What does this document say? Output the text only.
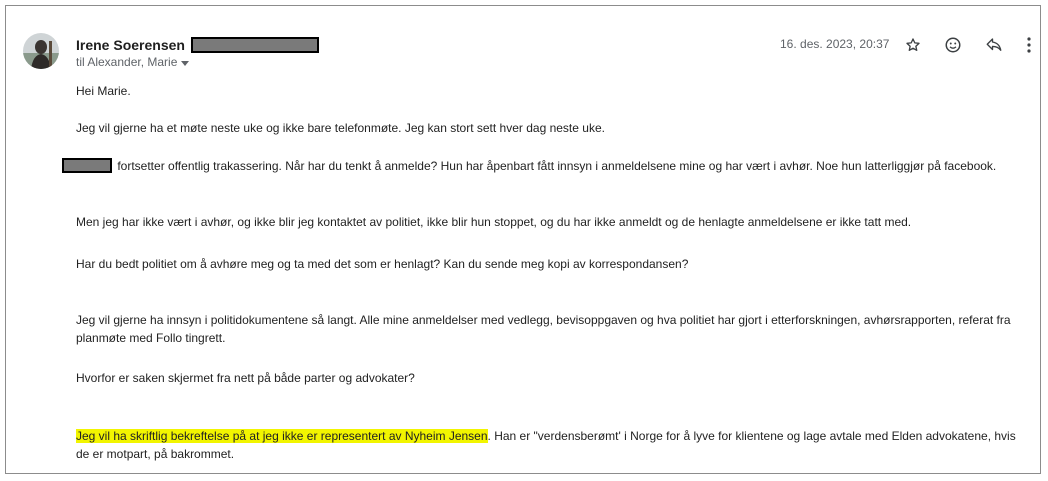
Irene Soerensen
til Alexander, Marie
16. des. 2023, 20:37
Hei Marie.
Jeg vil gjerne ha et møte neste uke og ikke bare telefonmøte. Jeg kan stort sett hver dag neste uke.
fortsetter offentlig trakassering. Når har du tenkt å anmelde? Hun har åpenbart fått innsyn i anmeldelsene mine og har vært i avhør. Noe hun latterliggjør på facebook.
Men jeg har ikke vært i avhør, og ikke blir jeg kontaktet av politiet, ikke blir hun stoppet, og du har ikke anmeldt og de henlagte anmeldelsene er ikke tatt med.
Har du bedt politiet om å avhøre meg og ta med det som er henlagt? Kan du sende meg kopi av korrespondansen?
Jeg vil gjerne ha innsyn i politidokumentene så langt. Alle mine anmeldelser med vedlegg, bevisoppgaven og hva politiet har gjort i etterforskningen, avhørsrapporten, referat fra planmøte med Follo tingrett.
Hvorfor er saken skjermet fra nett på både parter og advokater?
Jeg vil ha skriftlig bekreftelse på at jeg ikke er representert av Nyheim Jensen. Han er "verdensberømt' i Norge for å lyve for klientene og lage avtale med Elden advokatene, hvis de er motpart, på bakrommet.
